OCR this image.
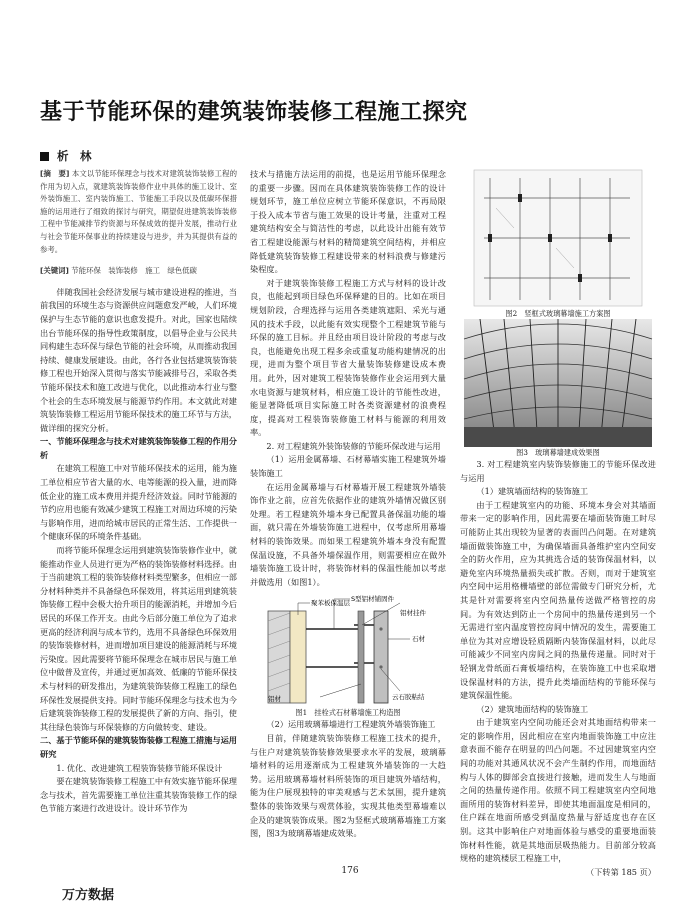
基于节能环保的建筑装饰装修工程施工探究
析　林

[摘　要] 本文以节能环保理念与技术对建筑装饰装修工程的作用为切入点，就建筑装饰装修作业中具体的施工设计、室外装饰施工、室内装饰施工、节能施工手段以及低碳环保措施的运用进行了细致的探讨与研究，期望促进建筑装饰装修工程中节能减排节约资源与环保成效的提升发展，推动行业与社会节能环保事业的持续建设与进步，并为其提供有益的参考。

[关键词] 节能环保　装饰装修　施工　绿色低碳

伴随我国社会经济发展与城市建设进程的推进，当前我国的环境生态与资源供应问题愈发严峻，人们环境保护与生态节能的意识也愈发提升。对此，国家也陆续出台节能环保的指导性政策制度，以倡导企业与公民共同构建生态环保与绿色节能的社会环境，从而推动我国持续、健康发展建设。由此，各行各业包括建筑装饰装修工程也开始深入贯彻与落实节能减排号召，采取各类节能环保技术和施工改进与优化，以此推动本行业与整个社会的生态环境发展与能源节约作用。本文就此对建筑装饰装修工程运用节能环保技术的施工环节与方法，做详细的探究分析。

一、节能环保理念与技术对建筑装饰装修工程的作用分析

在建筑工程施工中对节能环保技术的运用，能为施工单位相应节省大量的水、电等能源的投入量，进而降低企业的施工成本费用并提升经济效益。同时节能源的节约应用也能有效减少建筑工程施工对周边环境的污染与影响作用，进而给城市居民的正常生活、工作提供一个健康环保的环境条件基础。

而将节能环保理念运用到建筑装饰装修作业中，就能推动作业人员进行更为严格的装饰装修材料选择。由于当前建筑工程的装饰装修材料类型繁多，但相应一部分材料种类并不具备绿色环保效用，将其运用到建筑装饰装修工程中会极大抬升项目的能源消耗，并增加今后居民的环保工作开支。由此今后部分施工单位为了追求更高的经济利润与成本节约，选用不具备绿色环保效用的装饰装修材料，进而增加项目建设的能源消耗与环境污染度。因此需要将节能环保理念在城市居民与施工单位中做普及宣传，并通过更加高效、低廉的节能环保技术与材料的研发推出，为建筑装饰装修工程施工的绿色环保性发展提供支持。同时节能环保理念与技术也为今后建筑装饰装修工程的发展提供了新的方向、指引，使其往绿色装饰与环保装修的方向做转变、建设。

二、基于节能环保的建筑装饰装修工程施工措施与运用研究

1. 优化、改进建筑工程装饰装修节能环保设计

要在建筑装饰装修工程施工中有效实施节能环保理念与技术，首先需要施工单位注重其装饰装修工作的绿色节能方案进行改进设计。设计环节作为

技术与措施方法运用的前提，也是运用节能环保理念的重要一步骤。因而在具体建筑装饰装修工作的设计规划环节，施工单位应树立节能环保意识，不再局限于投入成本节省与施工效果的设计考量，注重对工程建筑结构安全与简洁性的考虑，以此设计出能有效节省工程建设能源与材料的精简建筑空间结构，并相应降低建筑装饰装修工程建设带来的材料浪费与修建污染程度。

对于建筑装饰装修工程施工方式与材料的设计改良，也能起到项目绿色环保释建的目的。比如在项目规划阶段，合理选择与运用各类建筑遮阳、采光与通风的技术手段，以此能有效实现整个工程建筑节能与环保的施工目标。并且经由项目设计阶段的考虑与改良，也能避免出现工程多余或重复功能构建情况的出现，进而为整个项目节省大量装饰装修建设成本费用。此外，因对建筑工程装饰装修作业会运用到大量水电资源与建筑材料，相应施工设计的节能性改进，能显著降低项目实际施工时各类资源建材的浪费程度，提高对工程装饰装修施工材料与能源的利用效率。

2. 对工程建筑外装饰装修的节能环保改进与运用

（1）运用金属幕墙、石材幕墙实施工程建筑外墙装饰施工

在运用金属幕墙与石材幕墙开展工程建筑外墙装饰作业之前，应首先依据作业的建筑外墙情况做区别处理。若工程建筑外墙本身已配置具备保温功能的墙面，就只需在外墙装饰施工进程中，仅考虑所用幕墙材料的装饰效果。而如果工程建筑外墙本身没有配置保温设施，不具备外墙保温作用，则需要相应在做外墙装饰施工设计时，将装饰材料的保温性能加以考虑并做选用（如图1）。

聚苯板保温层 S型铝材铺固件
铝材挂件
铝材
石材
云石胶粘结

图1　挂栓式石材幕墙施工构造图

（2）运用玻璃幕墙进行工程建筑外墙装饰施工

目前，伴随建筑装饰装修工程施工技术的提升，与住户对建筑装饰装修效果要求水平的发展，玻璃幕墙材料的运用逐渐成为工程建筑外墙装饰的一大趋势。运用玻璃幕墙材料所装饰的项目建筑外墙结构，能为住户展现独特的审美观感与艺术氛围，提升建筑整体的装饰效果与观赏体验，实现其他类型幕墙难以企及的建筑装饰成果。图2为竖框式玻璃幕墙施工方案图，图3为玻璃幕墙建成效果。

图2　竖框式玻璃幕墙施工方案图

图3　玻璃幕墙建成效果图

3. 对工程建筑室内装饰装修施工的节能环保改进与运用

（1）建筑墙面结构的装饰施工

由于工程建筑室内的功能、环境本身会对其墙面带来一定的影响作用，因此需要在墙面装饰施工时尽可能防止其出现较为显著的表面凹凸问题。在对建筑墙面做装饰施工中，为确保墙面具备维护室内空间安全的防火作用，应为其挑选合适的装饰保温材料，以避免室内环境热量损失或扩散。否则，而对于建筑室内空间中运用格栅墙壁的部位需做专门研究分析，尤其是针对需要将室内空间热量传送做严格管控的房间。为有效达到防止一个房间中的热量传递到另一个无需进行室内温度管控房间中情况的发生，需要施工单位为其对应增设轻质隔断内装饰保温材料，以此尽可能减少不同室内房间之间的热量传递量。同时对于轻钢龙骨纸面石膏板墙结构，在装饰施工中也采取增设保温材料的方法，提升此类墙面结构的节能环保与建筑保温性能。

（2）建筑地面结构的装饰施工

由于建筑室内空间功能还会对其地面结构带来一定的影响作用，因此相应在室内地面装饰施工中应注意表面不能存在明显的凹凸问题。不过因建筑室内空间的功能对其通风状况不会产生制约作用，而地面结构与人体的脚部会直接进行接触，进而发生人与地面之间的热量传递作用。依照不同工程建筑室内空间地面所用的装饰材料差异，即使其地面温度是相同的，住户踩在地面所感受到温度热量与舒适度也存在区别。这其中影响住户对地面体验与感受的重要地面装饰材料性能，就是其地面层吸热能力。目前部分较高规格的建筑楼层工程施工中，

（下转第 185 页）

176
万方数据
